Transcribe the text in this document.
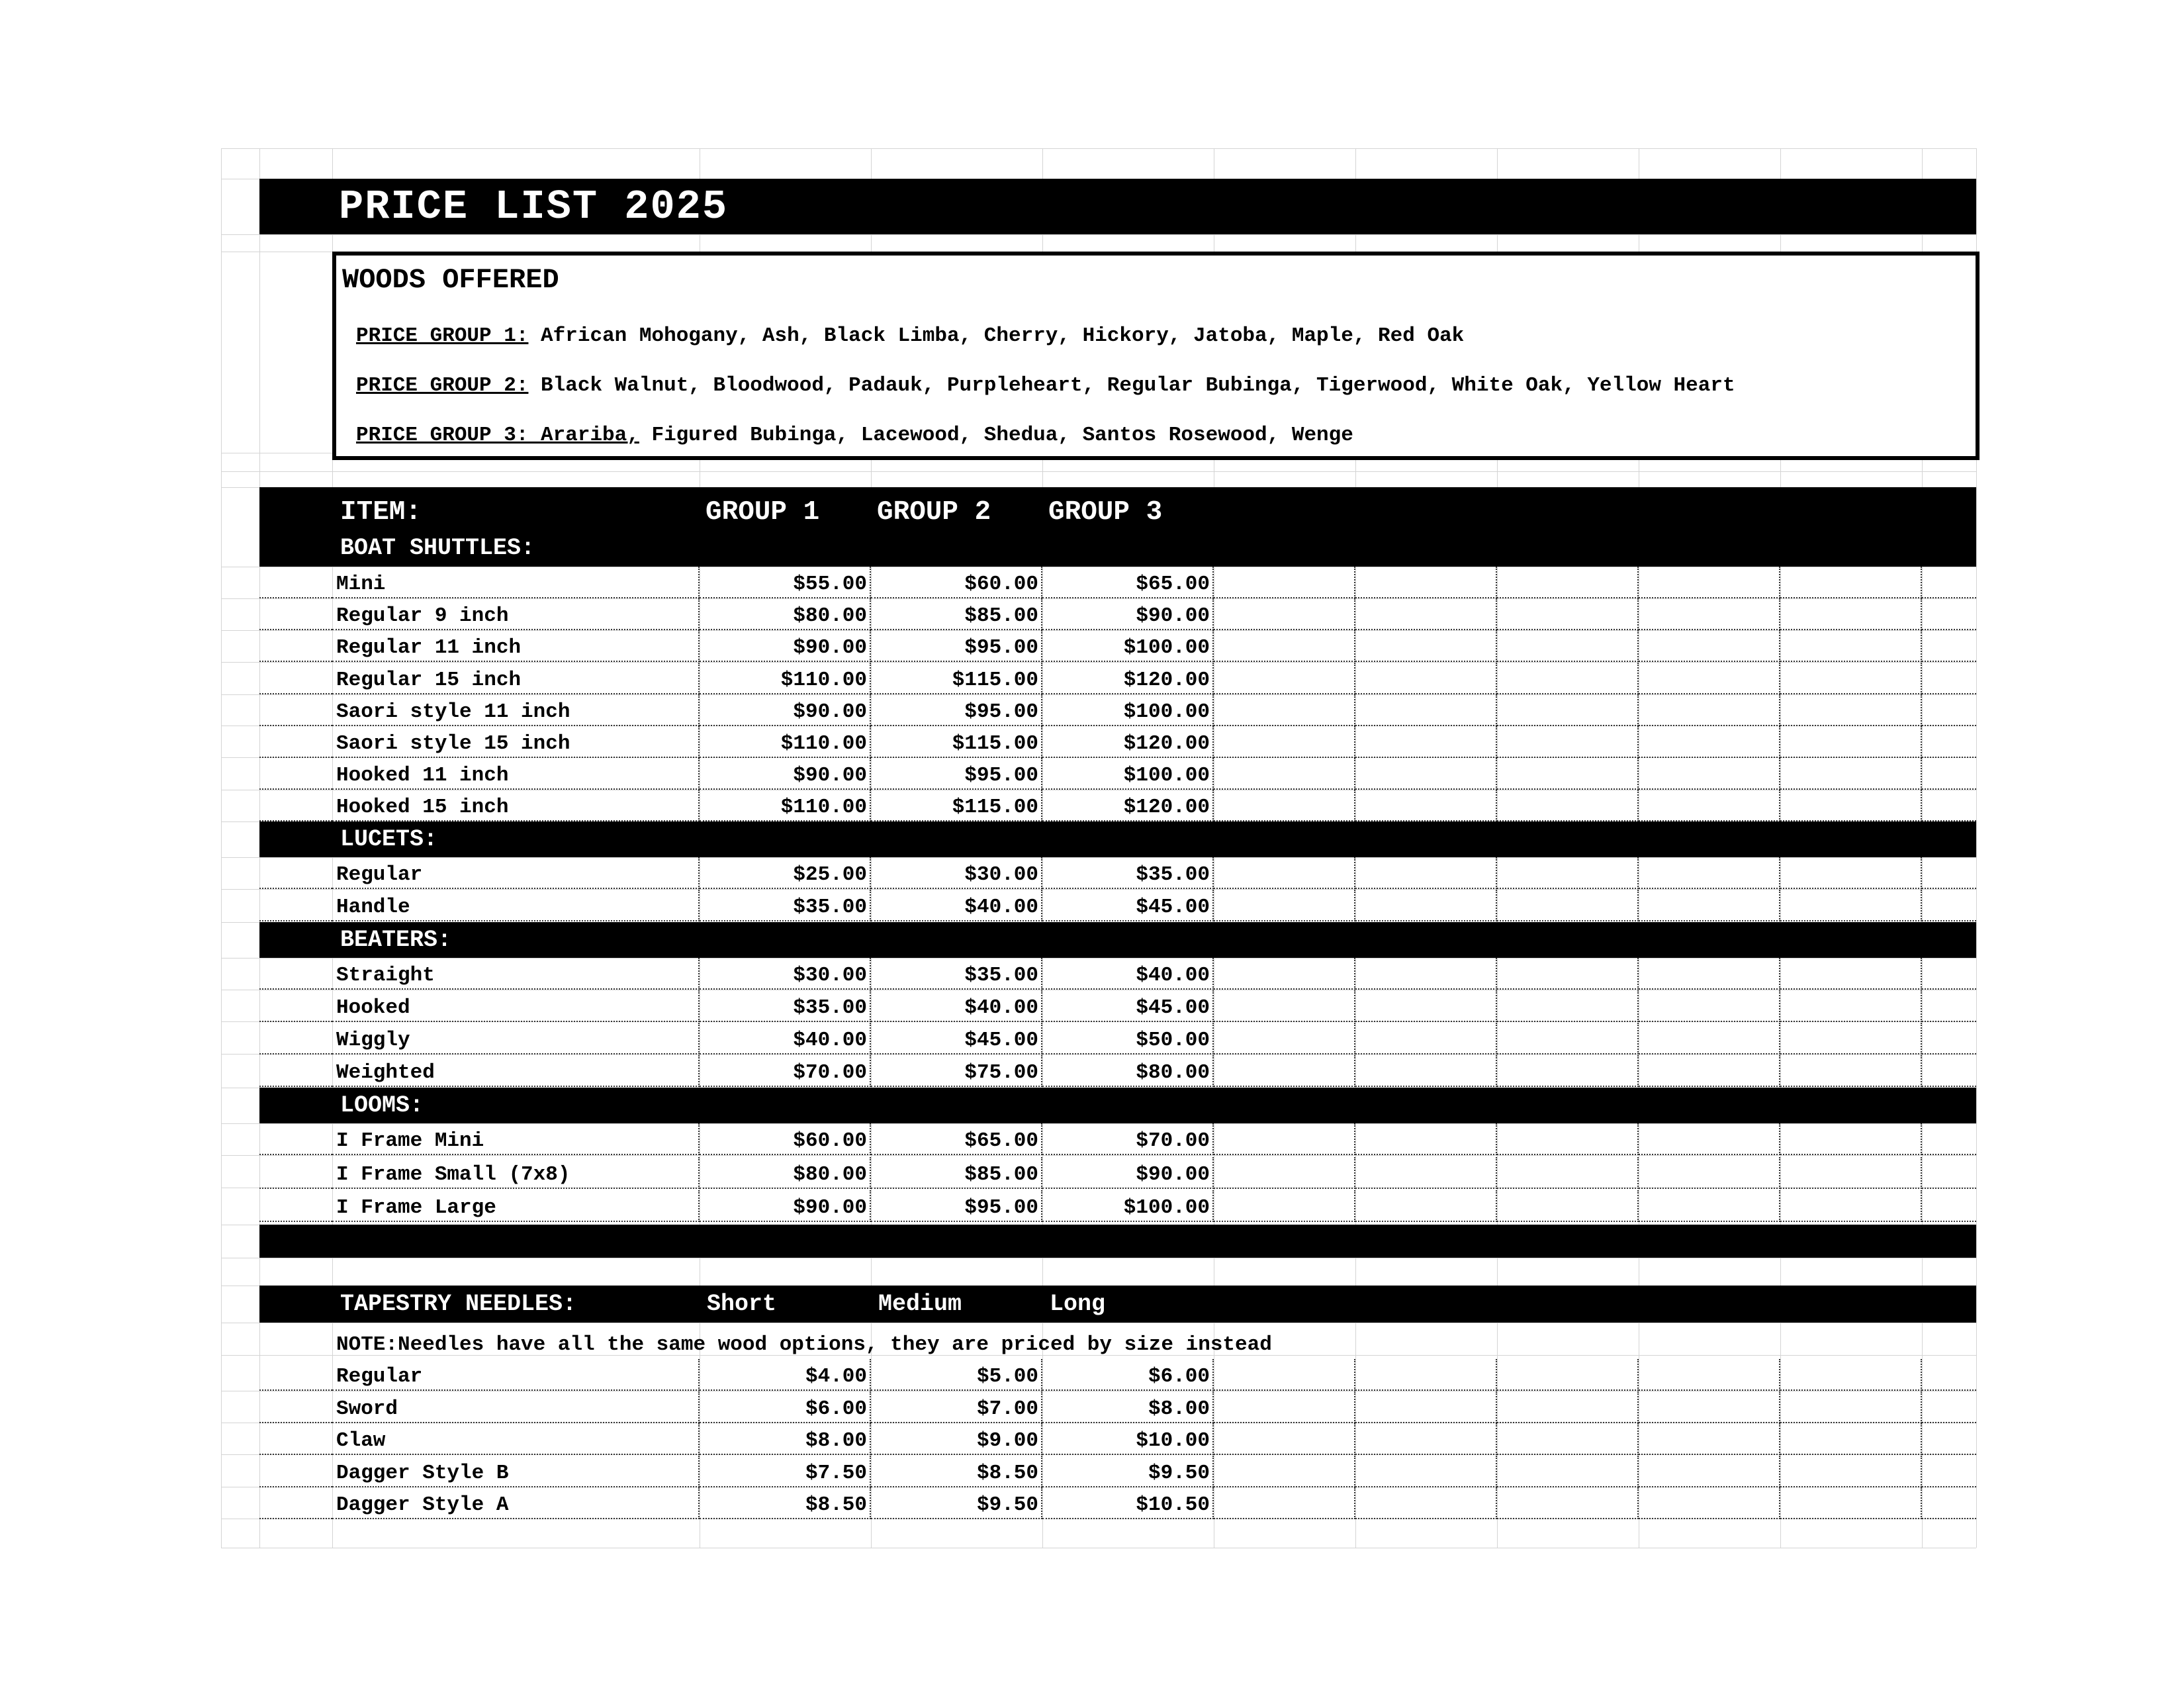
PRICE LIST 2025
WOODS OFFERED
PRICE GROUP 1: African Mohogany, Ash, Black Limba, Cherry, Hickory, Jatoba, Maple, Red Oak
PRICE GROUP 2: Black Walnut, Bloodwood, Padauk, Purpleheart, Regular Bubinga, Tigerwood, White Oak, Yellow Heart
PRICE GROUP 3: Arariba, Figured Bubinga, Lacewood, Shedua, Santos Rosewood, Wenge
ITEM:	GROUP 1 GROUP 2 GROUP 3
BOAT SHUTTLES:
Mini	$55.00	$60.00	$65.00
Regular 9 inch	$80.00	$85.00	$90.00
Regular 11 inch	$90.00	$95.00	$100.00
Regular 15 inch	$110.00	$115.00	$120.00
Saori style 11 inch	$90.00	$95.00	$100.00
Saori style 15 inch	$110.00	$115.00	$120.00
Hooked 11 inch	$90.00	$95.00	$100.00
Hooked 15 inch	$110.00	$115.00	$120.00
LUCETS:
Regular	$25.00	$30.00	$35.00
Handle	$35.00	$40.00	$45.00
BEATERS:
Straight	$30.00	$35.00	$40.00
Hooked	$35.00	$40.00	$45.00
Wiggly	$40.00	$45.00	$50.00
Weighted	$70.00	$75.00	$80.00
LOOMS:
I Frame Mini	$60.00	$65.00	$70.00
I Frame Small (7x8)	$80.00	$85.00	$90.00
I Frame Large	$90.00	$95.00	$100.00
TAPESTRY NEEDLES:	Short	Medium	Long
NOTE:Needles have all the same wood options, they are priced by size instead
Regular	$4.00	$5.00	$6.00
Sword	$6.00	$7.00	$8.00
Claw	$8.00	$9.00	$10.00
Dagger Style B	$7.50	$8.50	$9.50
Dagger Style A	$8.50	$9.50	$10.50
